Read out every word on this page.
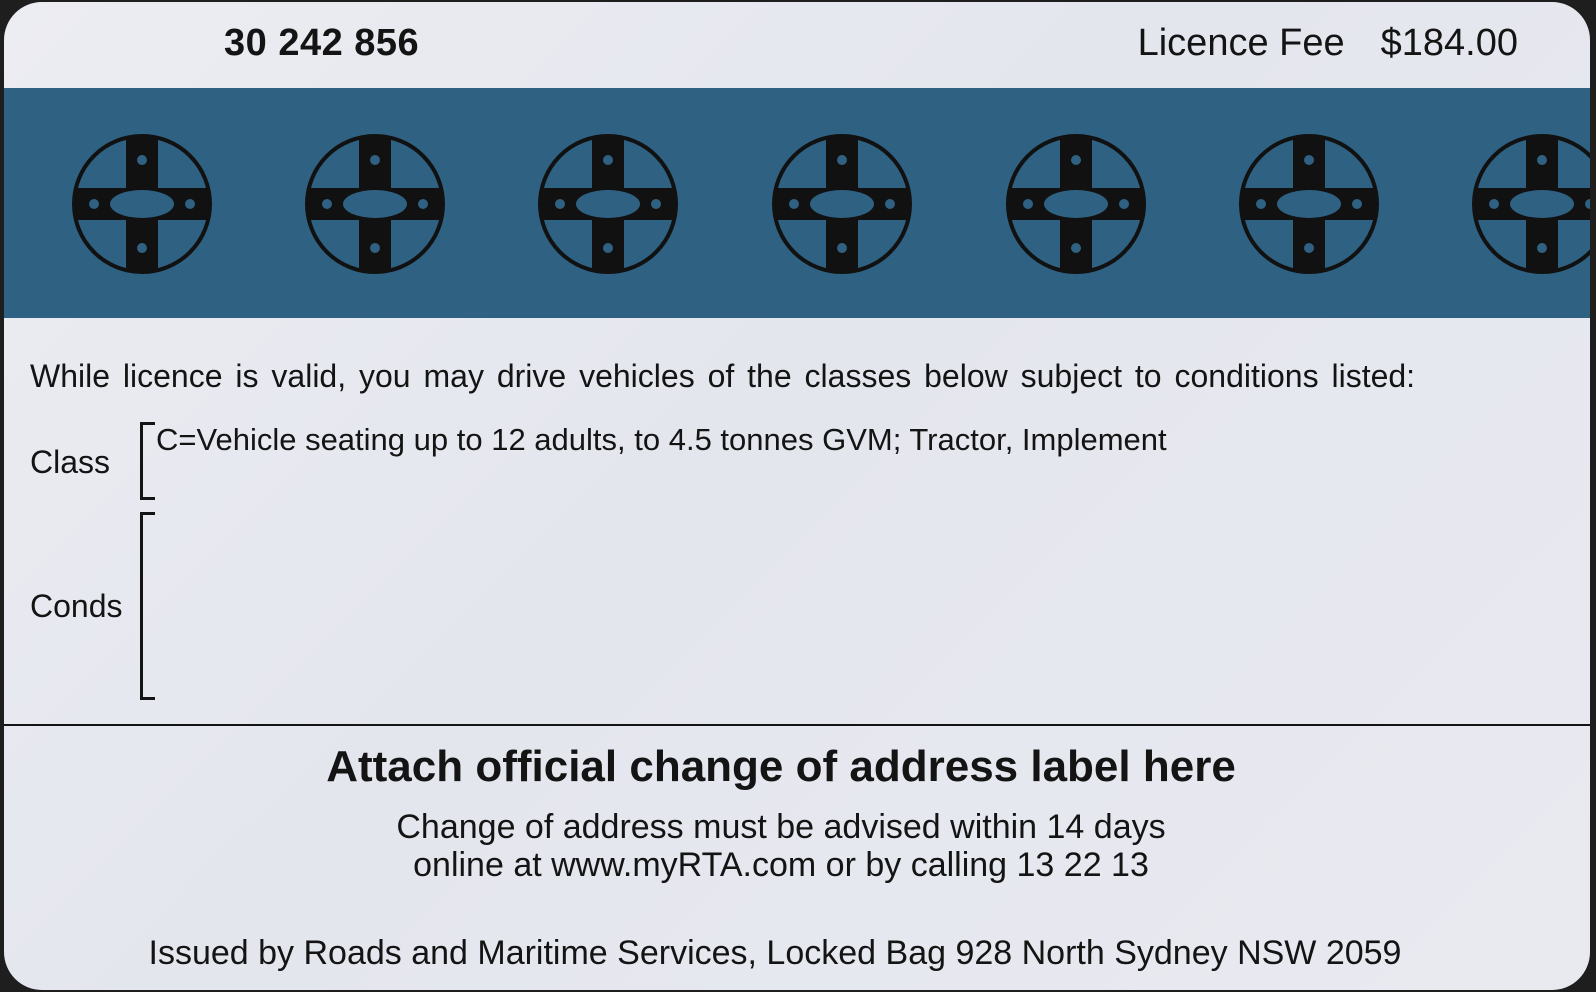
30 242 856	Licence Fee $184.00
While licence is valid, you may drive vehicles of the classes below subject to conditions listed:
Class
C=Vehicle seating up to 12 adults, to 4.5 tonnes GVM; Tractor, Implement
Conds
Attach official change of address label here
Change of address must be advised within 14 days
online at www.myRTA.com or by calling 13 22 13
Issued by Roads and Maritime Services, Locked Bag 928 North Sydney NSW 2059
